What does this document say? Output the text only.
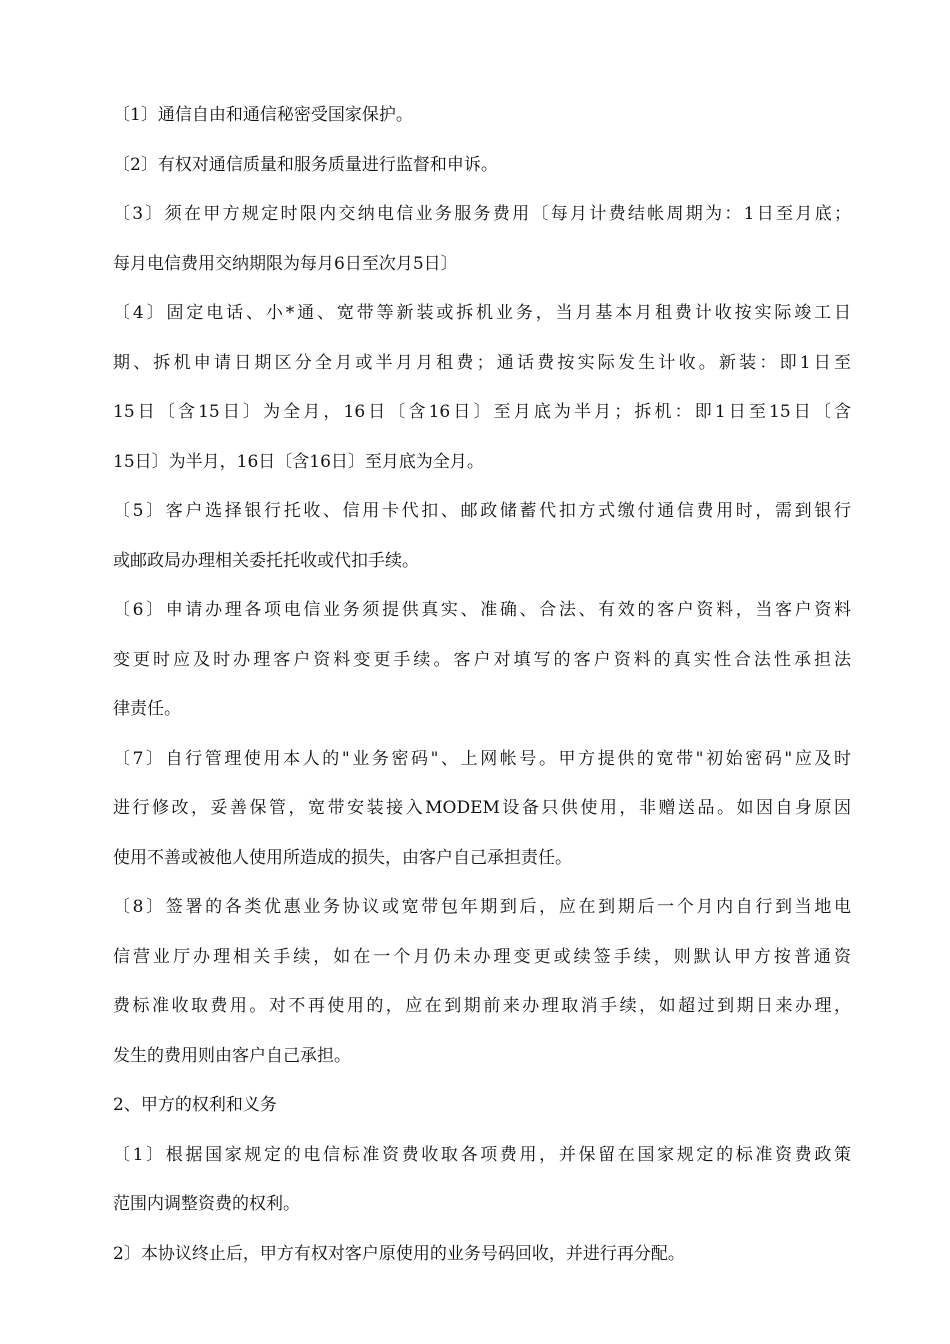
〔1〕通信自由和通信秘密受国家保护。
〔2〕有权对通信质量和服务质量进行监督和申诉。
〔3〕须在甲方规定时限内交纳电信业务服务费用〔每月计费结帐周期为：1日至月底；
每月电信费用交纳期限为每月6日至次月5日〕
〔4〕固定电话、小*通、宽带等新装或拆机业务，当月基本月租费计收按实际竣工日
期、拆机申请日期区分全月或半月月租费；通话费按实际发生计收。新装：即1日至
15日〔含15日〕为全月，16日〔含16日〕至月底为半月；拆机：即1日至15日〔含
15日〕为半月，16日〔含16日〕至月底为全月。
〔5〕客户选择银行托收、信用卡代扣、邮政储蓄代扣方式缴付通信费用时，需到银行
或邮政局办理相关委托托收或代扣手续。
〔6〕申请办理各项电信业务须提供真实、准确、合法、有效的客户资料，当客户资料
变更时应及时办理客户资料变更手续。客户对填写的客户资料的真实性合法性承担法
律责任。
〔7〕自行管理使用本人的"业务密码"、上网帐号。甲方提供的宽带"初始密码"应及时
进行修改，妥善保管，宽带安装接入MODEM设备只供使用，非赠送品。如因自身原因
使用不善或被他人使用所造成的损失，由客户自己承担责任。
〔8〕签署的各类优惠业务协议或宽带包年期到后，应在到期后一个月内自行到当地电
信营业厅办理相关手续，如在一个月仍未办理变更或续签手续，则默认甲方按普通资
费标准收取费用。对不再使用的，应在到期前来办理取消手续，如超过到期日来办理，
发生的费用则由客户自己承担。
2、甲方的权利和义务
〔1〕根据国家规定的电信标准资费收取各项费用，并保留在国家规定的标准资费政策
范围内调整资费的权利。
2〕本协议终止后，甲方有权对客户原使用的业务号码回收，并进行再分配。
